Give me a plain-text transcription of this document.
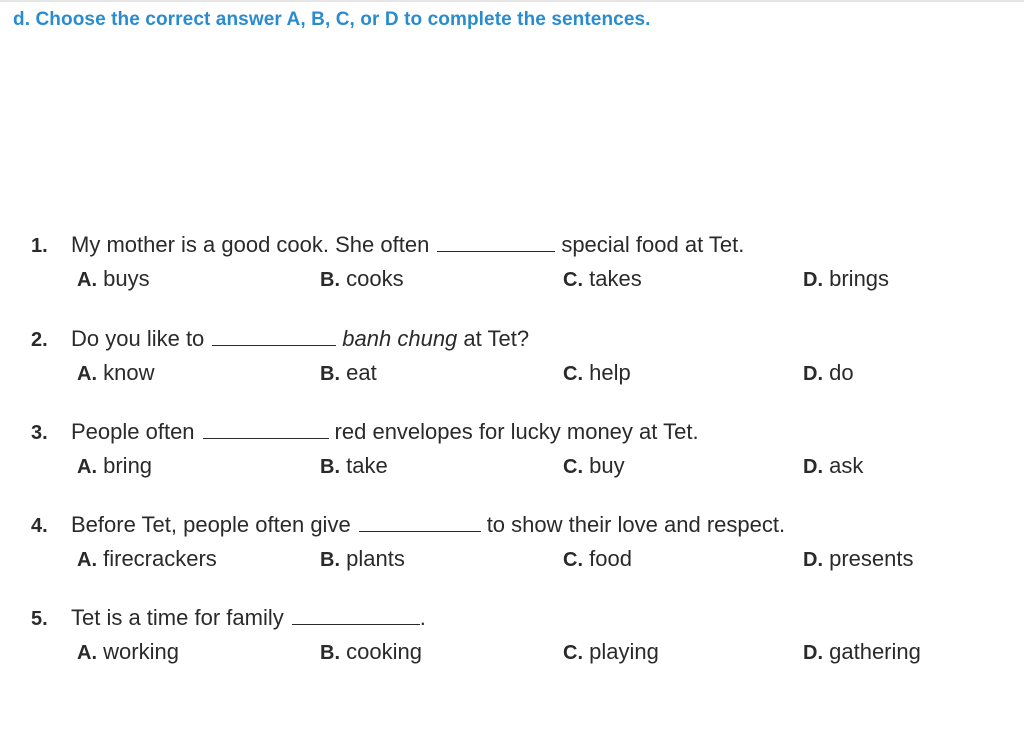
d. Choose the correct answer A, B, C, or D to complete the sentences.
1. My mother is a good cook. She often	special food at Tet.
A. buys	B. cooks	C. takes	D. brings
2. Do you like to	banh chung at Tet?
A. know	B. eat	C. help	D. do
3. People often	red envelopes for lucky money at Tet.
A. bring	B. take	C. buy	D. ask
4. Before Tet, people often give	to show their love and respect.
A. firecrackers	B. plants	C. food	D. presents
5. Tet is a time for family	.
A. working	B. cooking	C. playing	D. gathering
